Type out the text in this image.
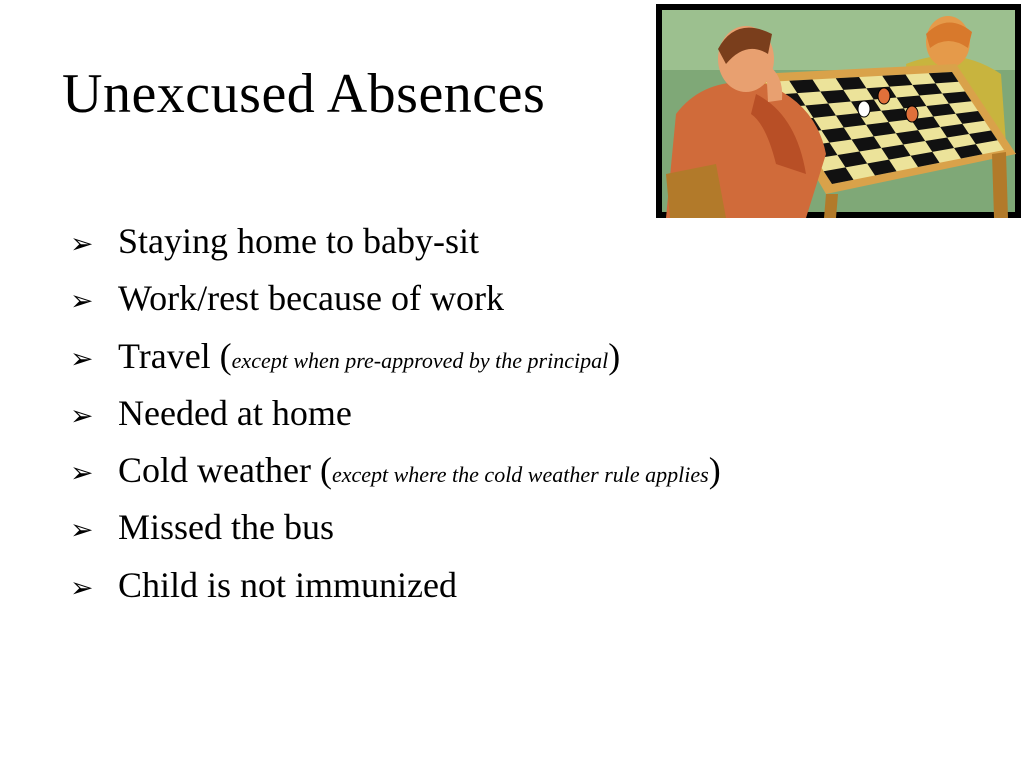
Unexcused Absences
➢ Staying home to baby-sit
➢ Work/rest because of work
➢ Travel ( except when pre-approved by the principal )
➢ Needed at home
➢ Cold weather ( except where the cold weather rule applies )
➢ Missed the bus
➢ Child is not immunized
